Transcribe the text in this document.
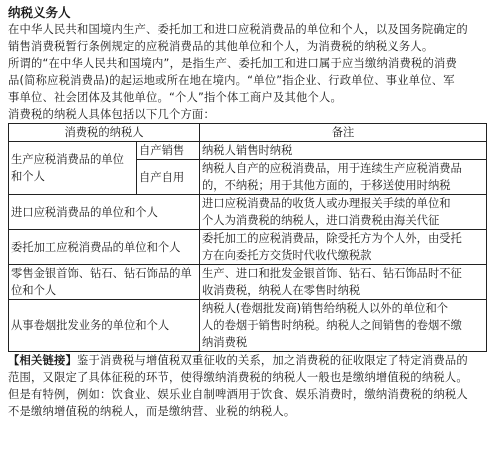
纳税义务人
在中华人民共和国境内生产、委托加工和进口应税消费品的单位和个人，以及国务院确定的
销售消费税暂行条例规定的应税消费品的其他单位和个人，为消费税的纳税义务人。
所谓的“在中华人民共和国境内”，是指生产、委托加工和进口属于应当缴纳消费税的消费
品(简称应税消费品)的起运地或所在地在境内。“单位”指企业、行政单位、事业单位、军
事单位、社会团体及其他单位。“个人”指个体工商户及其他个人。
消费税的纳税人具体包括以下几个方面：
消费税的纳税人		备注

生产应税消费品的单位
和个人	自产销售	纳税人销售时纳税

	自产自用	纳税人自产的应税消费品，用于连续生产应税消费品
的，不纳税；用于其他方面的，于移送使用时纳税

进口应税消费品的单位和个人		进口应税消费品的收货人或办理报关手续的单位和
个人为消费税的纳税人，进口消费税由海关代征

委托加工应税消费品的单位和个人		委托加工的应税消费品，除受托方为个人外，由受托
方在向委托方交货时代收代缴税款

零售金银首饰、钻石、钻石饰品的单
位和个人		生产、进口和批发金银首饰、钻石、钻石饰品时不征
收消费税，纳税人在零售时纳税

从事卷烟批发业务的单位和个人		纳税人(卷烟批发商)销售给纳税人以外的单位和个
人的卷烟于销售时纳税。纳税人之间销售的卷烟不缴
纳消费税
【相关链接】鉴于消费税与增值税双重征收的关系，加之消费税的征收限定了特定消费品的
范围，又限定了具体征税的环节，使得缴纳消费税的纳税人一般也是缴纳增值税的纳税人。
但是有特例，例如：饮食业、娱乐业自制啤酒用于饮食、娱乐消费时，缴纳消费税的纳税人
不是缴纳增值税的纳税人，而是缴纳营、业税的纳税人。
